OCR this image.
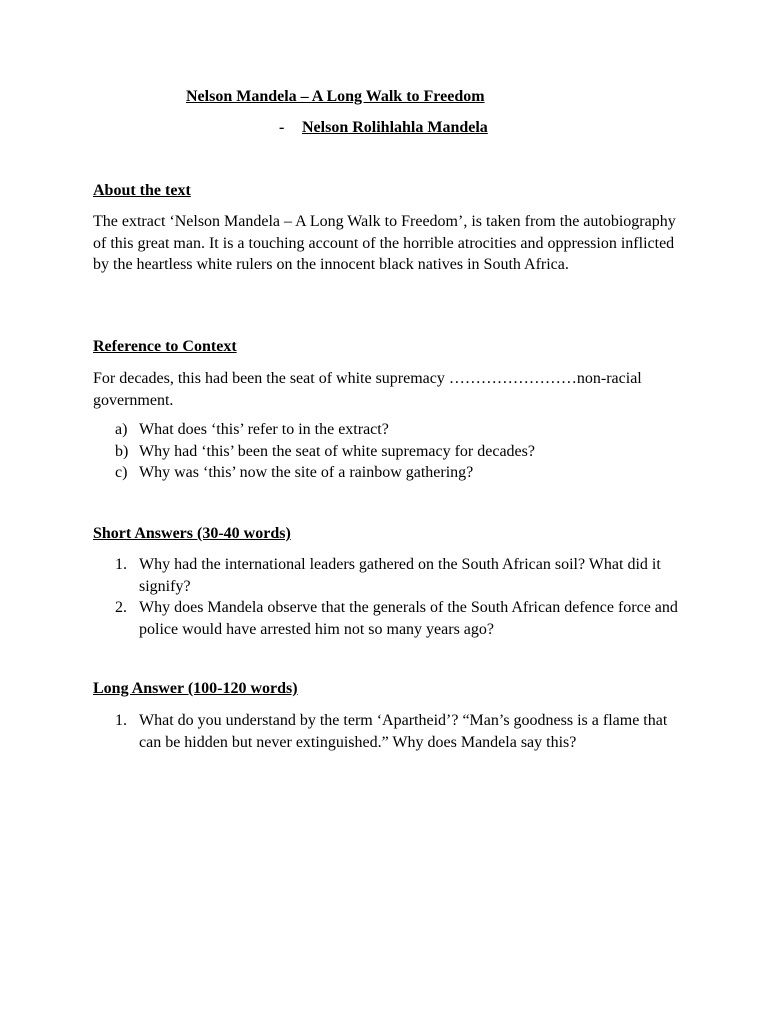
Nelson Mandela – A Long Walk to Freedom
- Nelson Rolihlahla Mandela
About the text
The extract ‘Nelson Mandela – A Long Walk to Freedom’, is taken from the autobiography of this great man. It is a touching account of the horrible atrocities and oppression inflicted by the heartless white rulers on the innocent black natives in South Africa.
Reference to Context
For decades, this had been the seat of white supremacy ……………………non-racial government.
a) What does ‘this’ refer to in the extract?
b) Why had ‘this’ been the seat of white supremacy for decades?
c) Why was ‘this’ now the site of a rainbow gathering?
Short Answers (30-40 words)
1. Why had the international leaders gathered on the South African soil? What did it signify?
2. Why does Mandela observe that the generals of the South African defence force and police would have arrested him not so many years ago?
Long Answer (100-120 words)
1. What do you understand by the term ‘Apartheid’? “Man’s goodness is a flame that can be hidden but never extinguished.” Why does Mandela say this?
